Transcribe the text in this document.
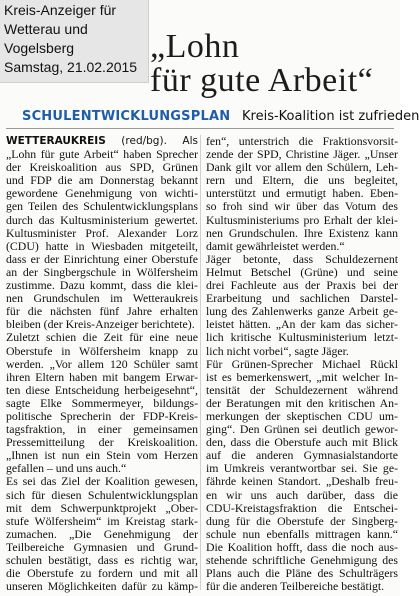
Kreis-Anzeiger für
Wetterau und
Vogelsberg
Samstag, 21.02.2015
„Lohn
für gute Arbeit“
SCHULENTWICKLUNGSPLAN Kreis-Koalition ist zufrieden
WETTERAUKREIS (red/bg). Als
„Lohn für gute Arbeit“ haben Sprecher
der Kreiskoalition aus SPD, Grünen
und FDP die am Donnerstag bekannt
gewordene Genehmigung von wichti-
gen Teilen des Schulentwicklungsplans
durch das Kultusministerium gewertet.
Kultusminister Prof. Alexander Lorz
(CDU) hatte in Wiesbaden mitgeteilt,
dass er der Einrichtung einer Oberstufe
an der Singbergschule in Wölfersheim
zustimme. Dazu kommt, dass die klei-
nen Grundschulen im Wetteraukreis
für die nächsten fünf Jahre erhalten
bleiben (der Kreis-Anzeiger berichtete).
Zuletzt schien die Zeit für eine neue
Oberstufe in Wölfersheim knapp zu
werden. „Vor allem 120 Schüler samt
ihren Eltern haben mit bangem Erwar-
ten diese Entscheidung herbeigesehnt“,
sagte Elke Sommermeyer, bildungs-
politische Sprecherin der FDP-Kreis-
tagsfraktion, in einer gemeinsamen
Pressemitteilung der Kreiskoalition.
„Ihnen ist nun ein Stein vom Herzen
gefallen – und uns auch.“
Es sei das Ziel der Koalition gewesen,
sich für diesen Schulentwicklungsplan
mit dem Schwerpunktprojekt „Ober-
stufe Wölfersheim“ im Kreistag stark-
zumachen. „Die Genehmigung der
Teilbereiche Gymnasien und Grund-
schulen bestätigt, dass es richtig war,
die Oberstufe zu fordern und mit all
unseren Möglichkeiten dafür zu kämp-
fen“, unterstrich die Fraktionsvorsit-
zende der SPD, Christine Jäger. „Unser
Dank gilt vor allem den Schülern, Leh-
rern und Eltern, die uns begleitet,
unterstützt und ermutigt haben. Eben-
so froh sind wir über das Votum des
Kultusministeriums pro Erhalt der klei-
nen Grundschulen. Ihre Existenz kann
damit gewährleistet werden.“
Jäger betonte, dass Schuldezernent
Helmut Betschel (Grüne) und seine
drei Fachleute aus der Praxis bei der
Erarbeitung und sachlichen Darstel-
lung des Zahlenwerks ganze Arbeit ge-
leistet hätten. „An der kam das sicher-
lich kritische Kultusministerium letzt-
lich nicht vorbei“, sagte Jäger.
Für Grünen-Sprecher Michael Rückl
ist es bemerkenswert, „mit welcher In-
tensität der Schuldezernent während
der Beratungen mit den kritischen An-
merkungen der skeptischen CDU um-
ging“. Den Grünen sei deutlich gewor-
den, dass die Oberstufe auch mit Blick
auf die anderen Gymnasialstandorte
im Umkreis verantwortbar sei. Sie ge-
fährde keinen Standort. „Deshalb freu-
en wir uns auch darüber, dass die
CDU-Kreistagsfraktion die Entschei-
dung für die Oberstufe der Singberg-
schule nun ebenfalls mittragen kann.“
Die Koalition hofft, dass die noch aus-
stehende schriftliche Genehmigung des
Plans auch die Pläne des Schulträgers
für die anderen Teilbereiche bestätigt.
